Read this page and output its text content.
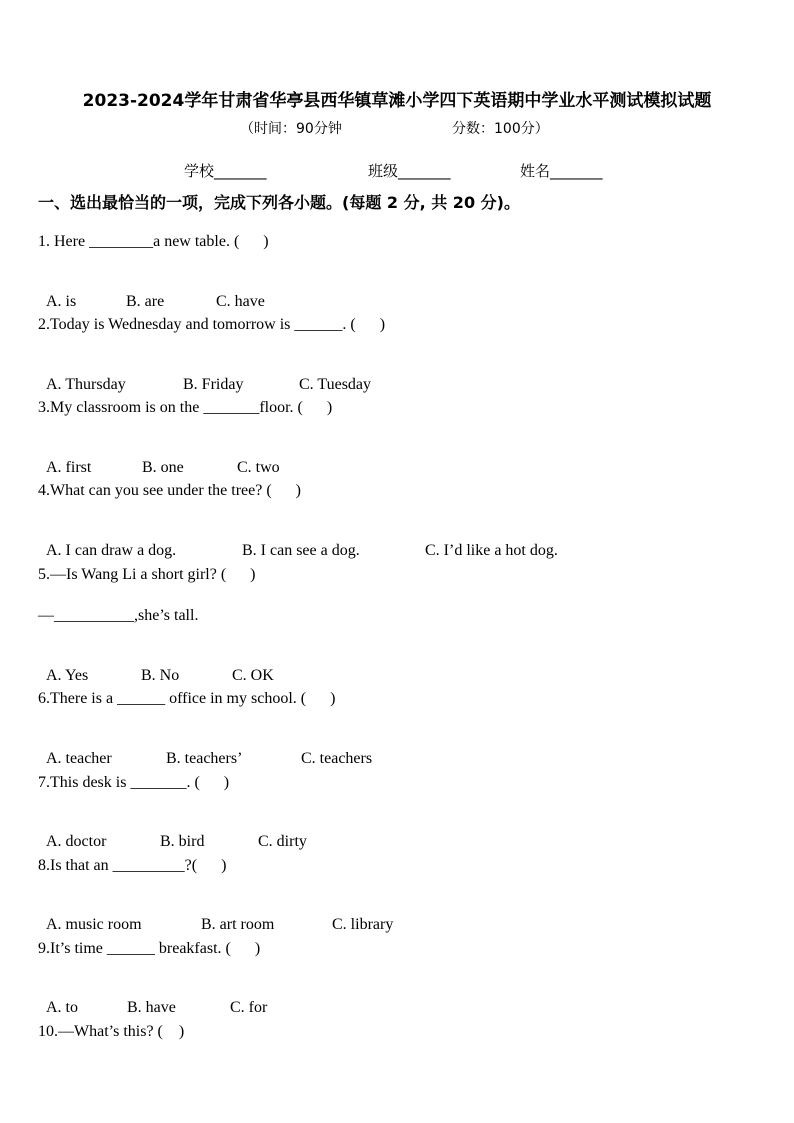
2023-2024学年甘肃省华亭县西华镇草滩小学四下英语期中学业水平测试模拟试题
（时间：90分钟	分数：100分）
学校_______	班级_______	姓名_______
一、选出最恰当的一项，完成下列各小题。(每题 2 分, 共 20 分)。
1. Here ________a new table. (      )

A. is	B. are	C. have

2.Today is Wednesday and tomorrow is ______. (      )

A. Thursday	B. Friday	C. Tuesday

3.My classroom is on the _______floor. (      )

A. first	B. one	C. two

4.What can you see under the tree? (      )

A. I can draw a dog.	B. I can see a dog.	C. I’d like a hot dog.

5.—Is Wang Li a short girl? (      )
—__________,she’s tall.

A. Yes	B. No	C. OK

6.There is a ______ office in my school. (      )

A. teacher	B. teachers’	C. teachers

7.This desk is _______. (      )

A. doctor	B. bird	C. dirty

8.Is that an _________?(      )

A. music room	B. art room	C. library

9.It’s time ______ breakfast. (      )

A. to	B. have	C. for

10.—What’s this? (    )
